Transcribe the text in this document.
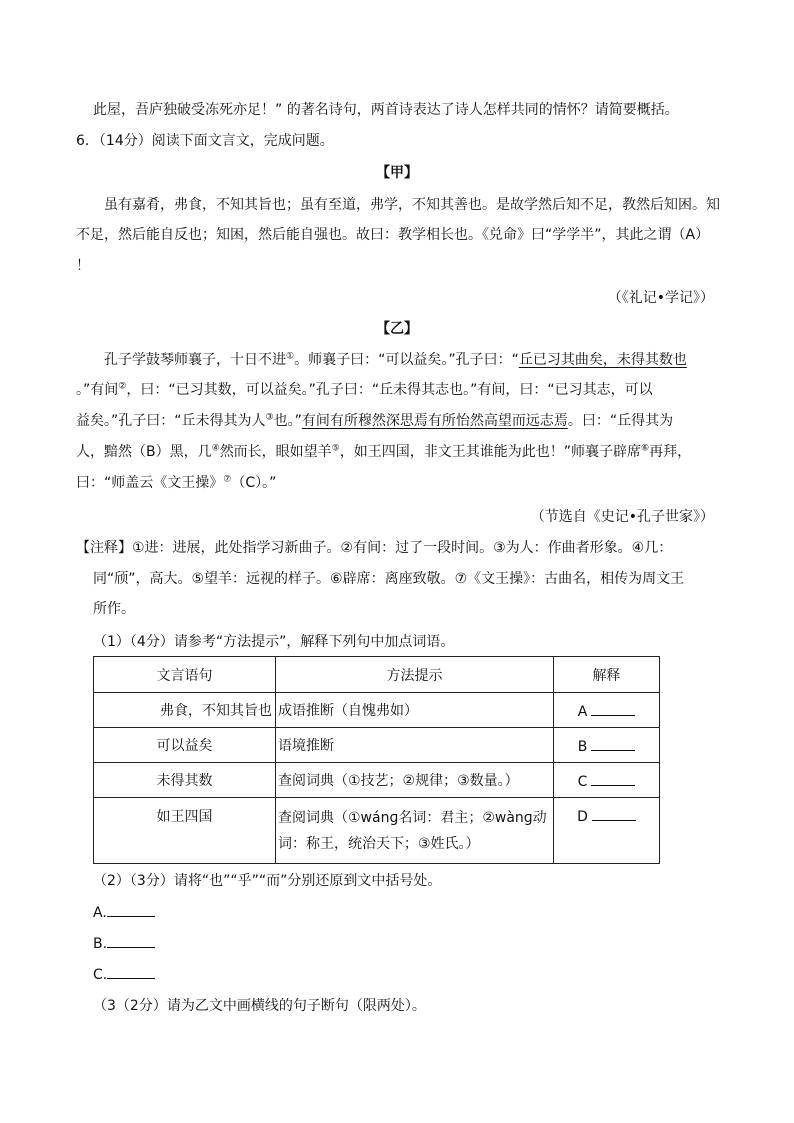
此屋，吾庐独破受冻死亦足！” 的著名诗句，两首诗表达了诗人怎样共同的情怀？请简要概括。
6．（14分）阅读下面文言文，完成问题。
【甲】
虽有嘉肴，弗食，不知其旨也；虽有至道，弗学，不知其善也。是故学然后知不足，教然后知困。知
不足，然后能自反也；知困，然后能自强也。故曰：教学相长也。《兑命》曰“学学半”，其此之谓（A）
！
（《礼记•学记》）
【乙】
孔子学鼓琴师襄子，十日不进①。师襄子曰：“可以益矣。”孔子曰：“丘已习其曲矣，未得其数也
。”有间②，曰：“已习其数，可以益矣。”孔子曰：“丘未得其志也。”有间，曰：“已习其志，可以
益矣。”孔子曰：“丘未得其为人③也。”有间有所穆然深思焉有所怡然高望而远志焉。曰：“丘得其为
人，黯然（B）黑，几④然而长，眼如望羊⑤，如王四国，非文王其谁能为此也！”师襄子辟席⑥再拜，
曰：“师盖云《文王操》⑦（C）。”
（节选自《史记•孔子世家》）
【注释】①进：进展，此处指学习新曲子。②有间：过了一段时间。③为人：作曲者形象。④几：
同“颀”，高大。⑤望羊：远视的样子。⑥辟席：离座致敬。⑦《文王操》：古曲名，相传为周文王
所作。
（1）（4分）请参考“方法提示”，解释下列句中加点词语。
文言语句	方法提示	解释
弗食，不知其旨也	成语推断（自愧弗如）	A
可以益矣	语境推断	B
未得其数	查阅词典（①技艺；②规律；③数量。）	C
如王四国	查阅词典（①wánɡ名词：君主；②wànɡ动
词：称王，统治天下；③姓氏。）	D
（2）（3分）请将“也”“乎”“而”分别还原到文中括号处。
A.
B.
C.
（3（2分）请为乙文中画横线的句子断句（限两处）。
